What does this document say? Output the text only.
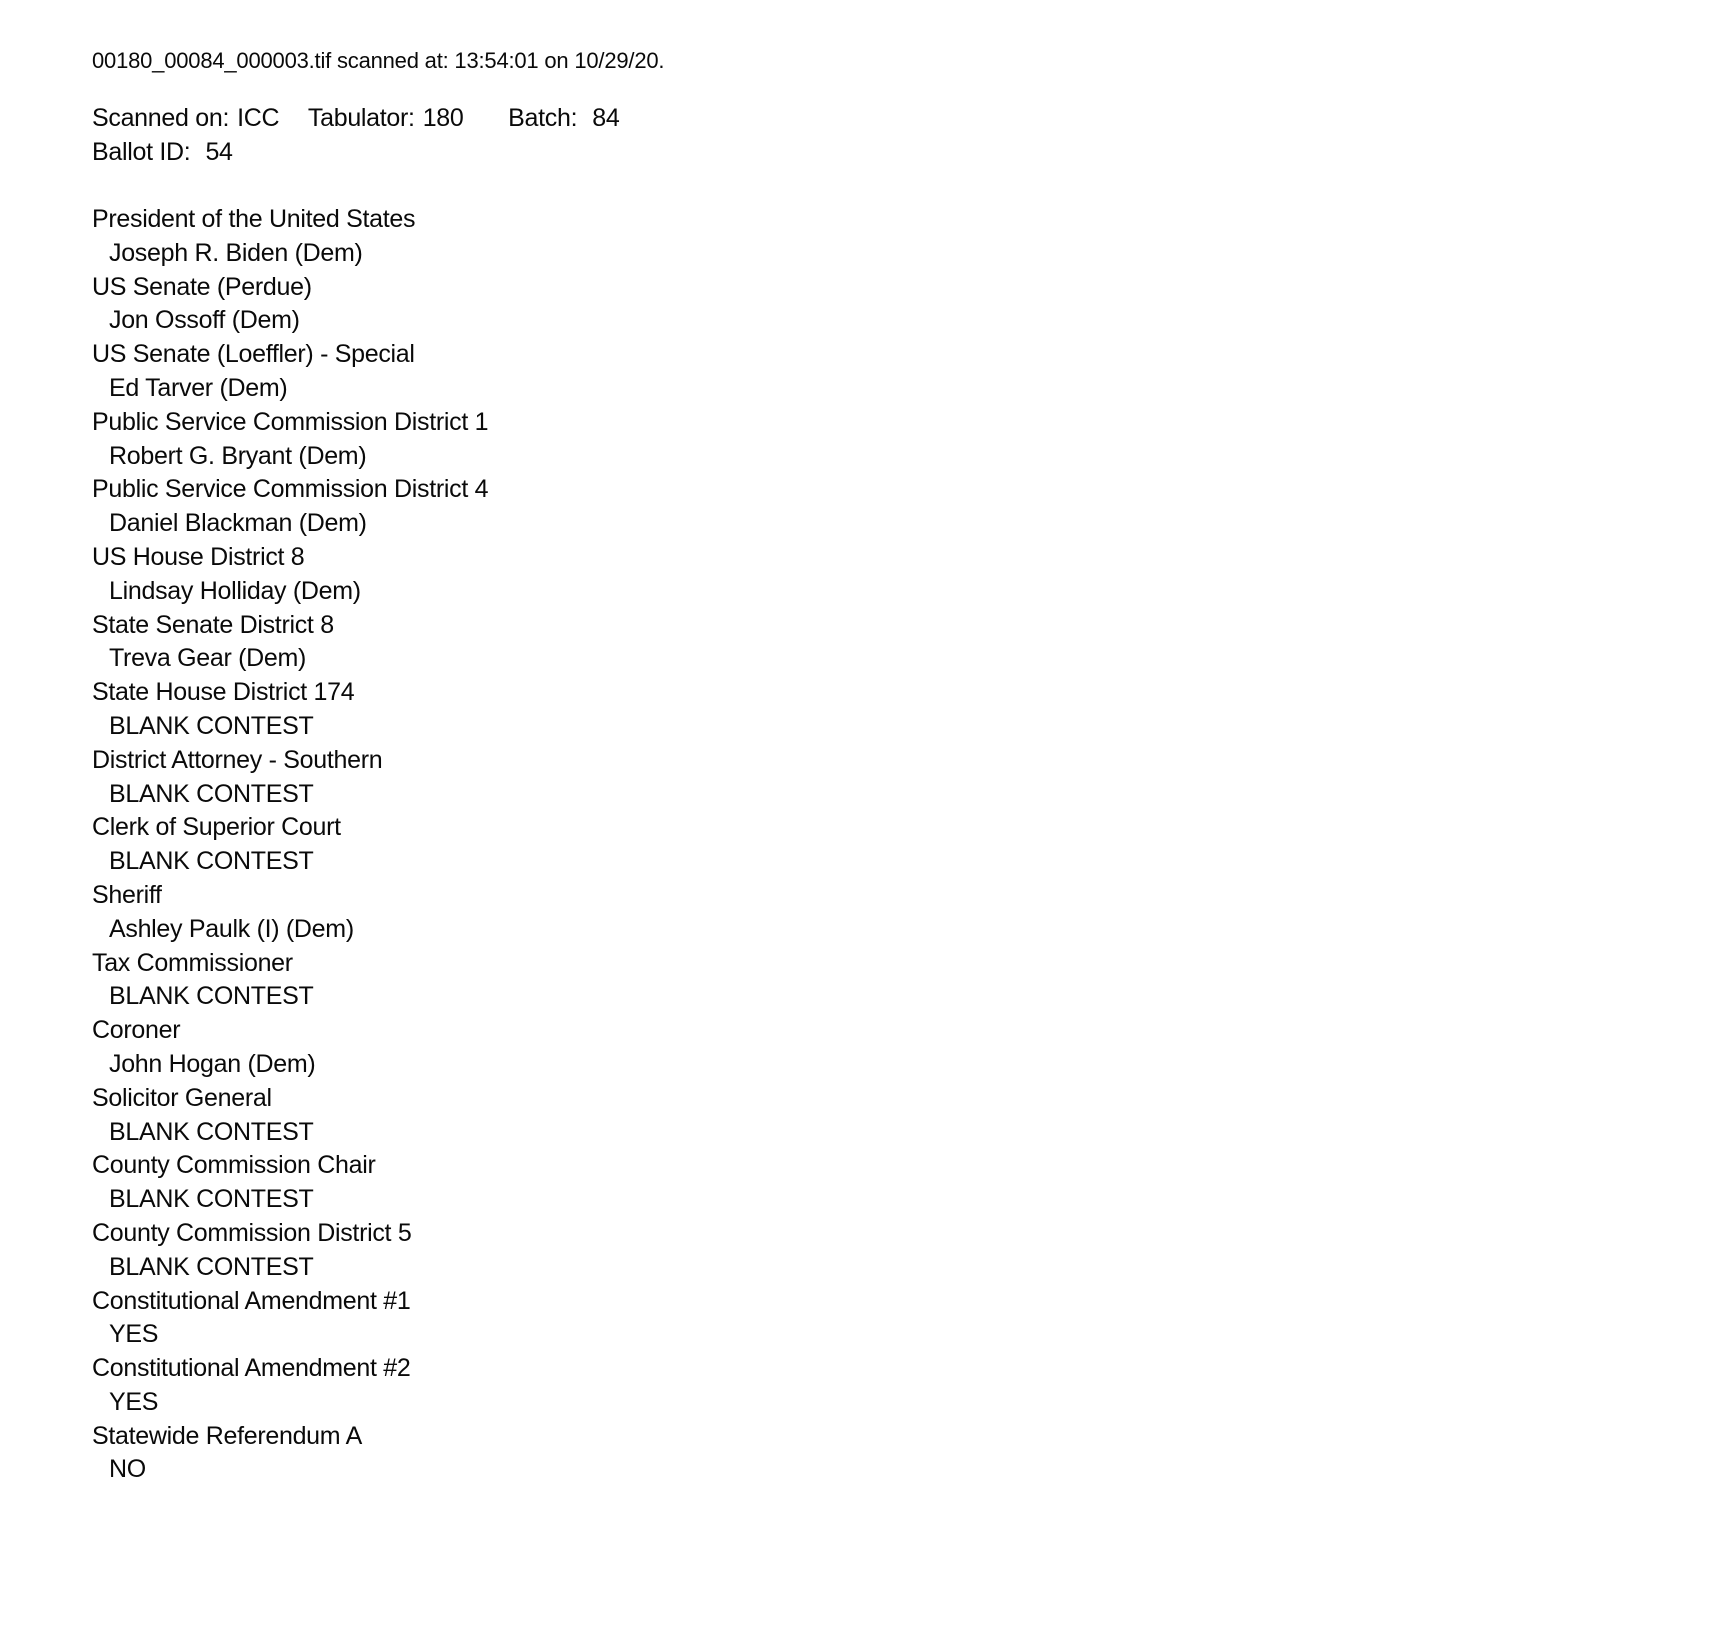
00180_00084_000003.tif scanned at: 13:54:01 on 10/29/20.
Scanned on: ICC Tabulator: 180 Batch: 84
Ballot ID: 54
President of the United States
Joseph R. Biden (Dem)
US Senate (Perdue)
Jon Ossoff (Dem)
US Senate (Loeffler) - Special
Ed Tarver (Dem)
Public Service Commission District 1
Robert G. Bryant (Dem)
Public Service Commission District 4
Daniel Blackman (Dem)
US House District 8
Lindsay Holliday (Dem)
State Senate District 8
Treva Gear (Dem)
State House District 174
BLANK CONTEST
District Attorney - Southern
BLANK CONTEST
Clerk of Superior Court
BLANK CONTEST
Sheriff
Ashley Paulk (I) (Dem)
Tax Commissioner
BLANK CONTEST
Coroner
John Hogan (Dem)
Solicitor General
BLANK CONTEST
County Commission Chair
BLANK CONTEST
County Commission District 5
BLANK CONTEST
Constitutional Amendment #1
YES
Constitutional Amendment #2
YES
Statewide Referendum A
NO
